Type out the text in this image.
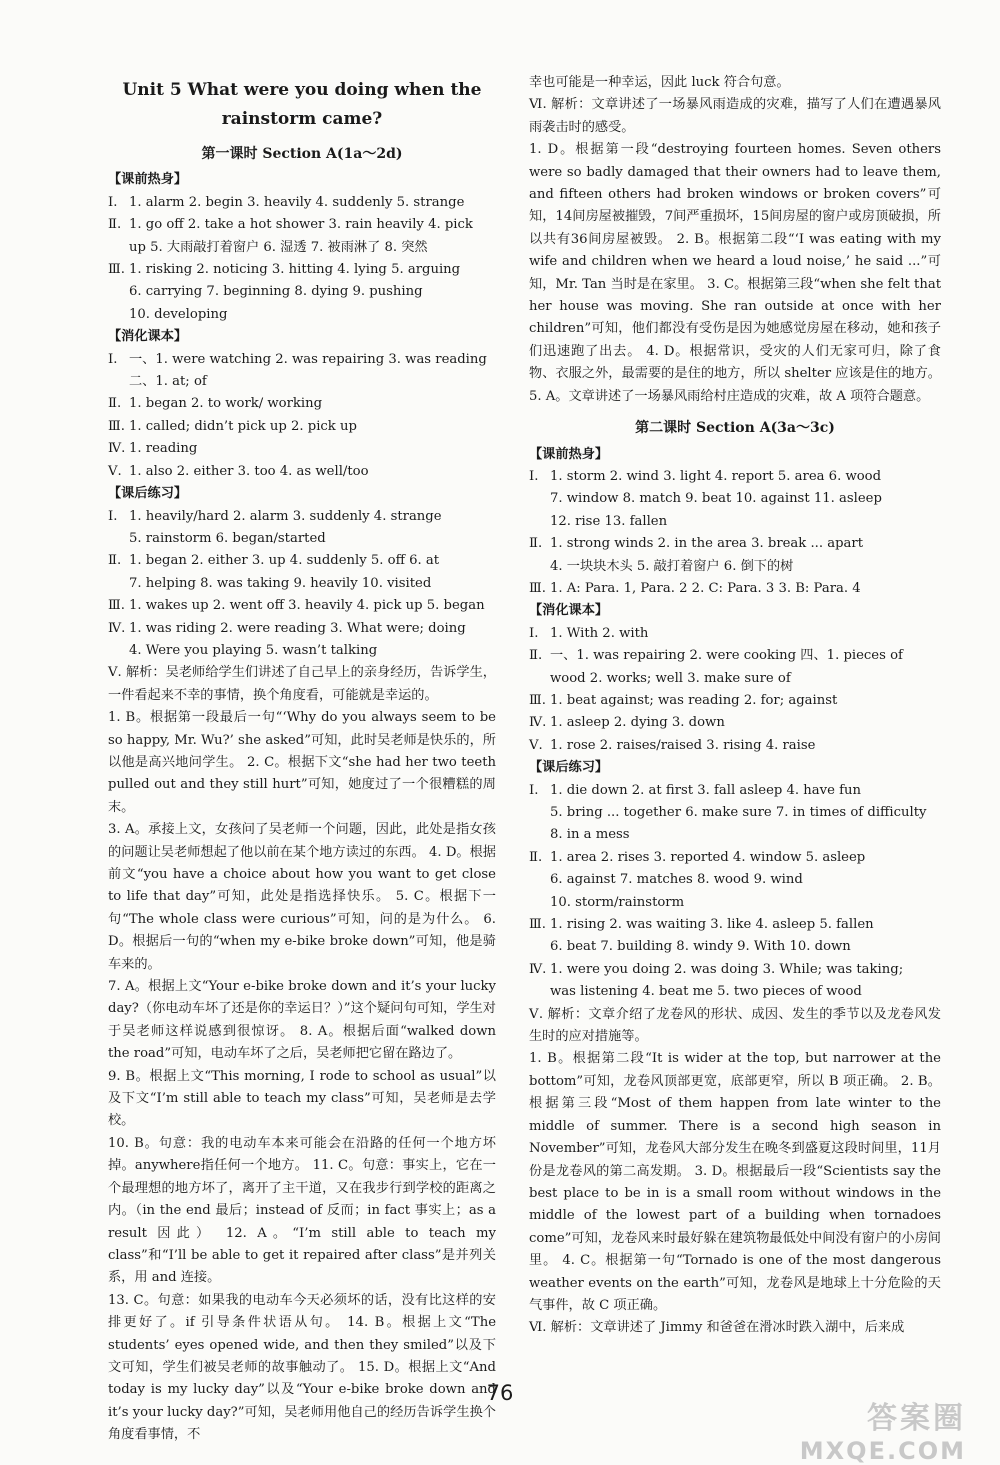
Unit 5 What were you doing when the
rainstorm came?
第一课时 Section A(1a～2d)
【课前热身】
Ⅰ. 1. alarm 2. begin 3. heavily 4. suddenly 5. strange
Ⅱ. 1. go off 2. take a hot shower 3. rain heavily 4. pick
up 5. 大雨敲打着窗户 6. 湿透 7. 被雨淋了 8. 突然
Ⅲ. 1. risking 2. noticing 3. hitting 4. lying 5. arguing
6. carrying 7. beginning 8. dying 9. pushing
10. developing
【消化课本】
Ⅰ. 一、1. were watching 2. was repairing 3. was reading
二、1. at; of
Ⅱ. 1. began 2. to work/ working
Ⅲ. 1. called; didn’t pick up 2. pick up
Ⅳ. 1. reading
Ⅴ. 1. also 2. either 3. too 4. as well/too
【课后练习】
Ⅰ. 1. heavily/hard 2. alarm 3. suddenly 4. strange
5. rainstorm 6. began/started
Ⅱ. 1. began 2. either 3. up 4. suddenly 5. off 6. at
7. helping 8. was taking 9. heavily 10. visited
Ⅲ. 1. wakes up 2. went off 3. heavily 4. pick up 5. began
Ⅳ. 1. was riding 2. were reading 3. What were; doing
4. Were you playing 5. wasn’t talking
Ⅴ. 解析：吴老师给学生们讲述了自己早上的亲身经历，告诉学生，一件看起来不幸的事情，换个角度看，可能就是幸运的。
1. B。根据第一段最后一句“‘Why do you always seem to be so happy, Mr. Wu?’ she asked”可知，此时吴老师是快乐的，所以他是高兴地问学生。 2. C。根据下文“she had her two teeth pulled out and they still hurt”可知，她度过了一个很糟糕的周末。
3. A。承接上文，女孩问了吴老师一个问题，因此，此处是指女孩的问题让吴老师想起了他以前在某个地方读过的东西。 4. D。根据前文“you have a choice about how you want to get close to life that day”可知，此处是指选择快乐。 5. C。根据下一句“The whole class were curious”可知，问的是为什么。 6. D。根据后一句的“when my e-bike broke down”可知，他是骑车来的。
7. A。根据上文“Your e-bike broke down and it’s your lucky day?（你电动车坏了还是你的幸运日？）”这个疑问句可知，学生对于吴老师这样说感到很惊讶。 8. A。根据后面“walked down the road”可知，电动车坏了之后，吴老师把它留在路边了。
9. B。根据上文“This morning, I rode to school as usual”以及下文“I’m still able to teach my class”可知，吴老师是去学校。
10. B。句意：我的电动车本来可能会在沿路的任何一个地方坏掉。anywhere指任何一个地方。 11. C。句意：事实上，它在一个最理想的地方坏了，离开了主干道，又在我步行到学校的距离之内。（in the end 最后；instead of 反而；in fact 事实上；as a result 因此） 12. A。“I’m still able to teach my class”和“I’ll be able to get it repaired after class”是并列关系，用 and 连接。
13. C。句意：如果我的电动车今天必须坏的话，没有比这样的安排更好了。if 引导条件状语从句。 14. B。根据上文“The students’ eyes opened wide, and then they smiled”以及下文可知，学生们被吴老师的故事触动了。 15. D。根据上文“And today is my lucky day”以及“Your e-bike broke down and it’s your lucky day?”可知，吴老师用他自己的经历告诉学生换个角度看事情，不
幸也可能是一种幸运，因此 luck 符合句意。
Ⅵ. 解析：文章讲述了一场暴风雨造成的灾难，描写了人们在遭遇暴风雨袭击时的感受。
1. D。根据第一段“destroying fourteen homes. Seven others were so badly damaged that their owners had to leave them, and fifteen others had broken windows or broken covers”可知，14间房屋被摧毁，7间严重损坏，15间房屋的窗户或房顶破损，所以共有36间房屋被毁。 2. B。根据第二段“‘I was eating with my wife and children when we heard a loud noise,’ he said ...”可知，Mr. Tan 当时是在家里。 3. C。根据第三段“when she felt that her house was moving. She ran outside at once with her children”可知，他们都没有受伤是因为她感觉房屋在移动，她和孩子们迅速跑了出去。 4. D。根据常识，受灾的人们无家可归，除了食物、衣服之外，最需要的是住的地方，所以 shelter 应该是住的地方。 5. A。文章讲述了一场暴风雨给村庄造成的灾难，故 A 项符合题意。
第二课时 Section A(3a～3c)
【课前热身】
Ⅰ. 1. storm 2. wind 3. light 4. report 5. area 6. wood
7. window 8. match 9. beat 10. against 11. asleep
12. rise 13. fallen
Ⅱ. 1. strong winds 2. in the area 3. break ... apart
4. 一块块木头 5. 敲打着窗户 6. 倒下的树
Ⅲ. 1. A: Para. 1, Para. 2 2. C: Para. 3 3. B: Para. 4
【消化课本】
Ⅰ. 1. With 2. with
Ⅱ. 一、1. was repairing 2. were cooking 四、1. pieces of
wood 2. works; well 3. make sure of
Ⅲ. 1. beat against; was reading 2. for; against
Ⅳ. 1. asleep 2. dying 3. down
Ⅴ. 1. rose 2. raises/raised 3. rising 4. raise
【课后练习】
Ⅰ. 1. die down 2. at first 3. fall asleep 4. have fun
5. bring ... together 6. make sure 7. in times of difficulty
8. in a mess
Ⅱ. 1. area 2. rises 3. reported 4. window 5. asleep
6. against 7. matches 8. wood 9. wind
10. storm/rainstorm
Ⅲ. 1. rising 2. was waiting 3. like 4. asleep 5. fallen
6. beat 7. building 8. windy 9. With 10. down
Ⅳ. 1. were you doing 2. was doing 3. While; was taking;
was listening 4. beat me 5. two pieces of wood
Ⅴ. 解析：文章介绍了龙卷风的形状、成因、发生的季节以及龙卷风发生时的应对措施等。
1. B。根据第二段“It is wider at the top, but narrower at the bottom”可知，龙卷风顶部更宽，底部更窄，所以 B 项正确。 2. B。根据第三段“Most of them happen from late winter to the middle of summer. There is a second high season in November”可知，龙卷风大部分发生在晚冬到盛夏这段时间里，11月份是龙卷风的第二高发期。 3. D。根据最后一段“Scientists say the best place to be in is a small room without windows in the middle of the lowest part of a building when tornadoes come”可知，龙卷风来时最好躲在建筑物最低处中间没有窗户的小房间里。 4. C。根据第一句“Tornado is one of the most dangerous weather events on the earth”可知，龙卷风是地球上十分危险的天气事件，故 C 项正确。
Ⅵ. 解析：文章讲述了 Jimmy 和爸爸在滑冰时跌入湖中，后来成
76
答案圈
MXQE.COM
